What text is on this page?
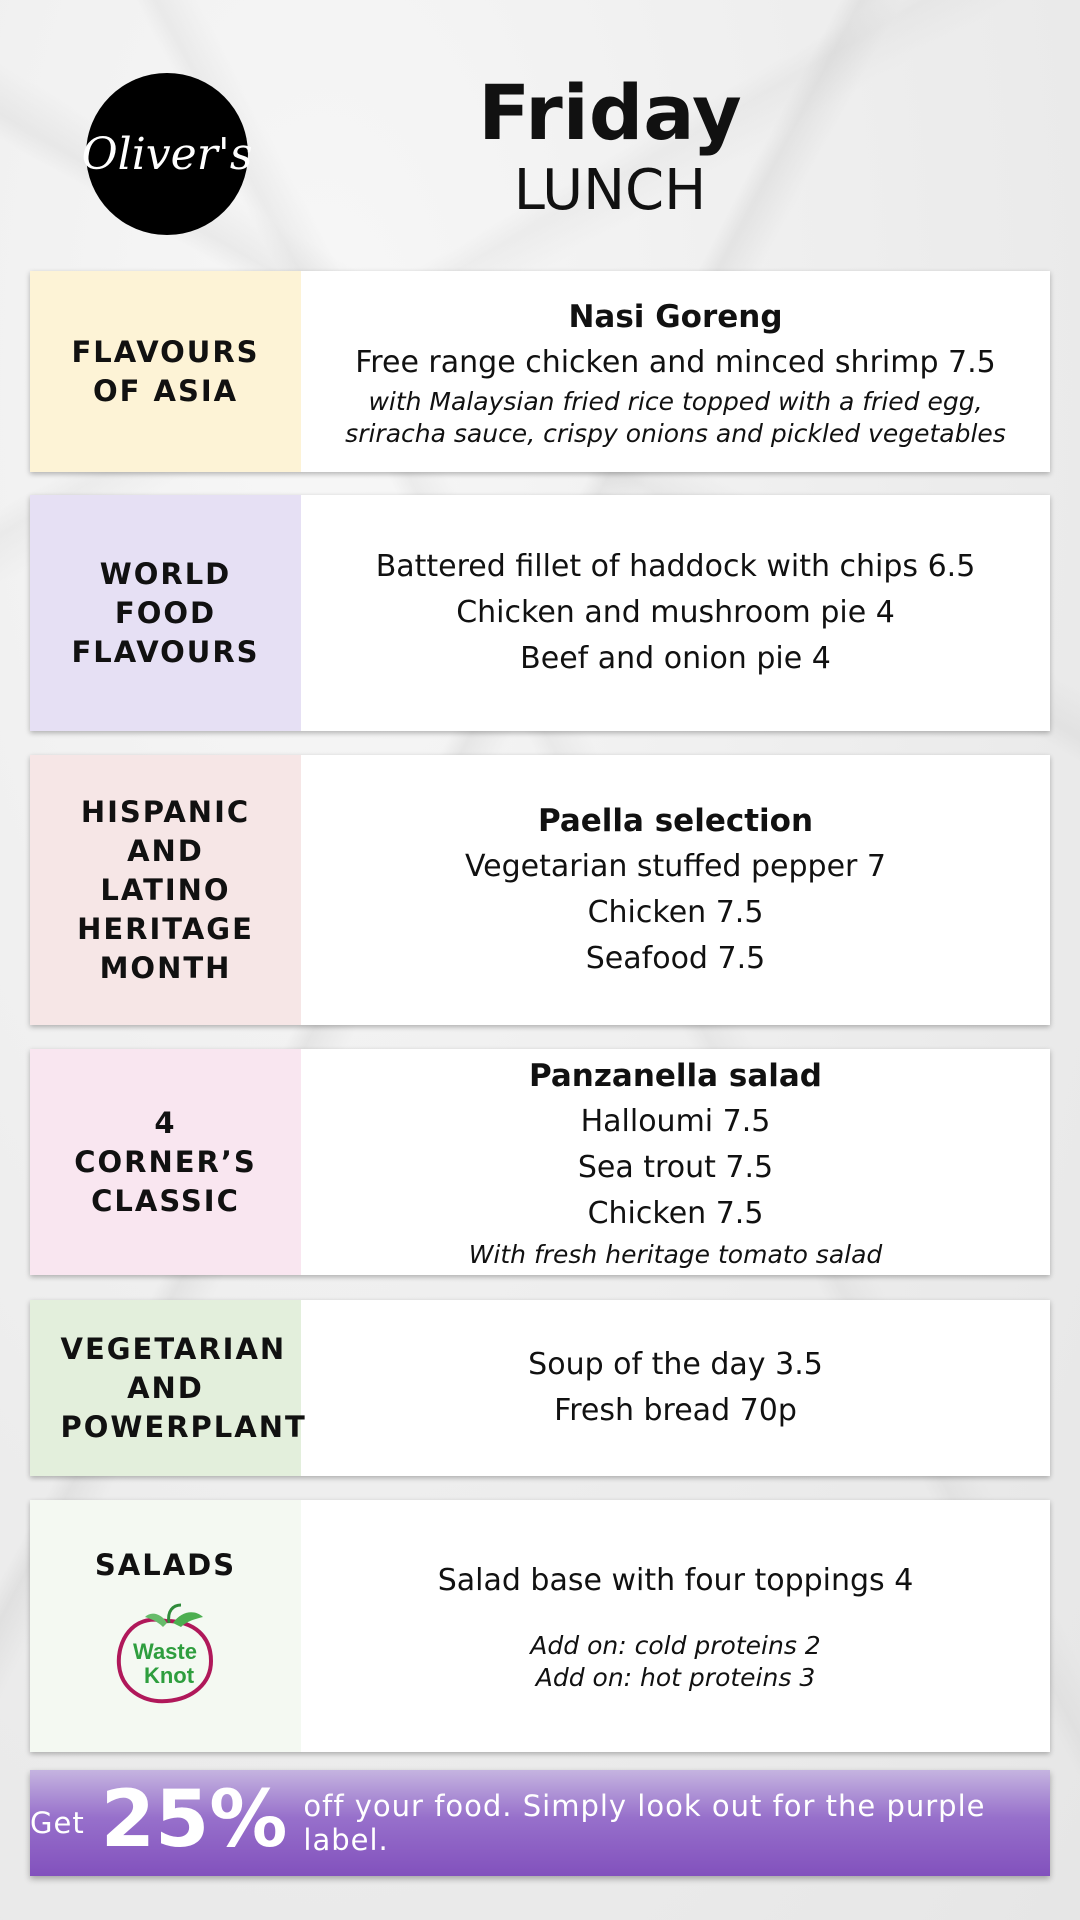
Oliver's	Friday
LUNCH
FLAVOURS OF ASIA
Nasi Goreng
Free range chicken and minced shrimp 7.5
with Malaysian fried rice topped with a fried egg, sriracha sauce, crispy onions and pickled vegetables
WORLD FOOD FLAVOURS
Battered fillet of haddock with chips 6.5
Chicken and mushroom pie 4
Beef and onion pie 4
HISPANIC AND LATINO HERITAGE MONTH
Paella selection
Vegetarian stuffed pepper 7
Chicken 7.5
Seafood 7.5
4 CORNER’S CLASSIC
Panzanella salad
Halloumi 7.5
Sea trout 7.5
Chicken 7.5
With fresh heritage tomato salad
VEGETARIAN AND POWERPLANT
Soup of the day 3.5
Fresh bread 70p
SALADS
Waste
Knot
Salad base with four toppings 4
Add on: cold proteins 2
Add on: hot proteins 3
Get 25% off your food. Simply look out for the purple label.
